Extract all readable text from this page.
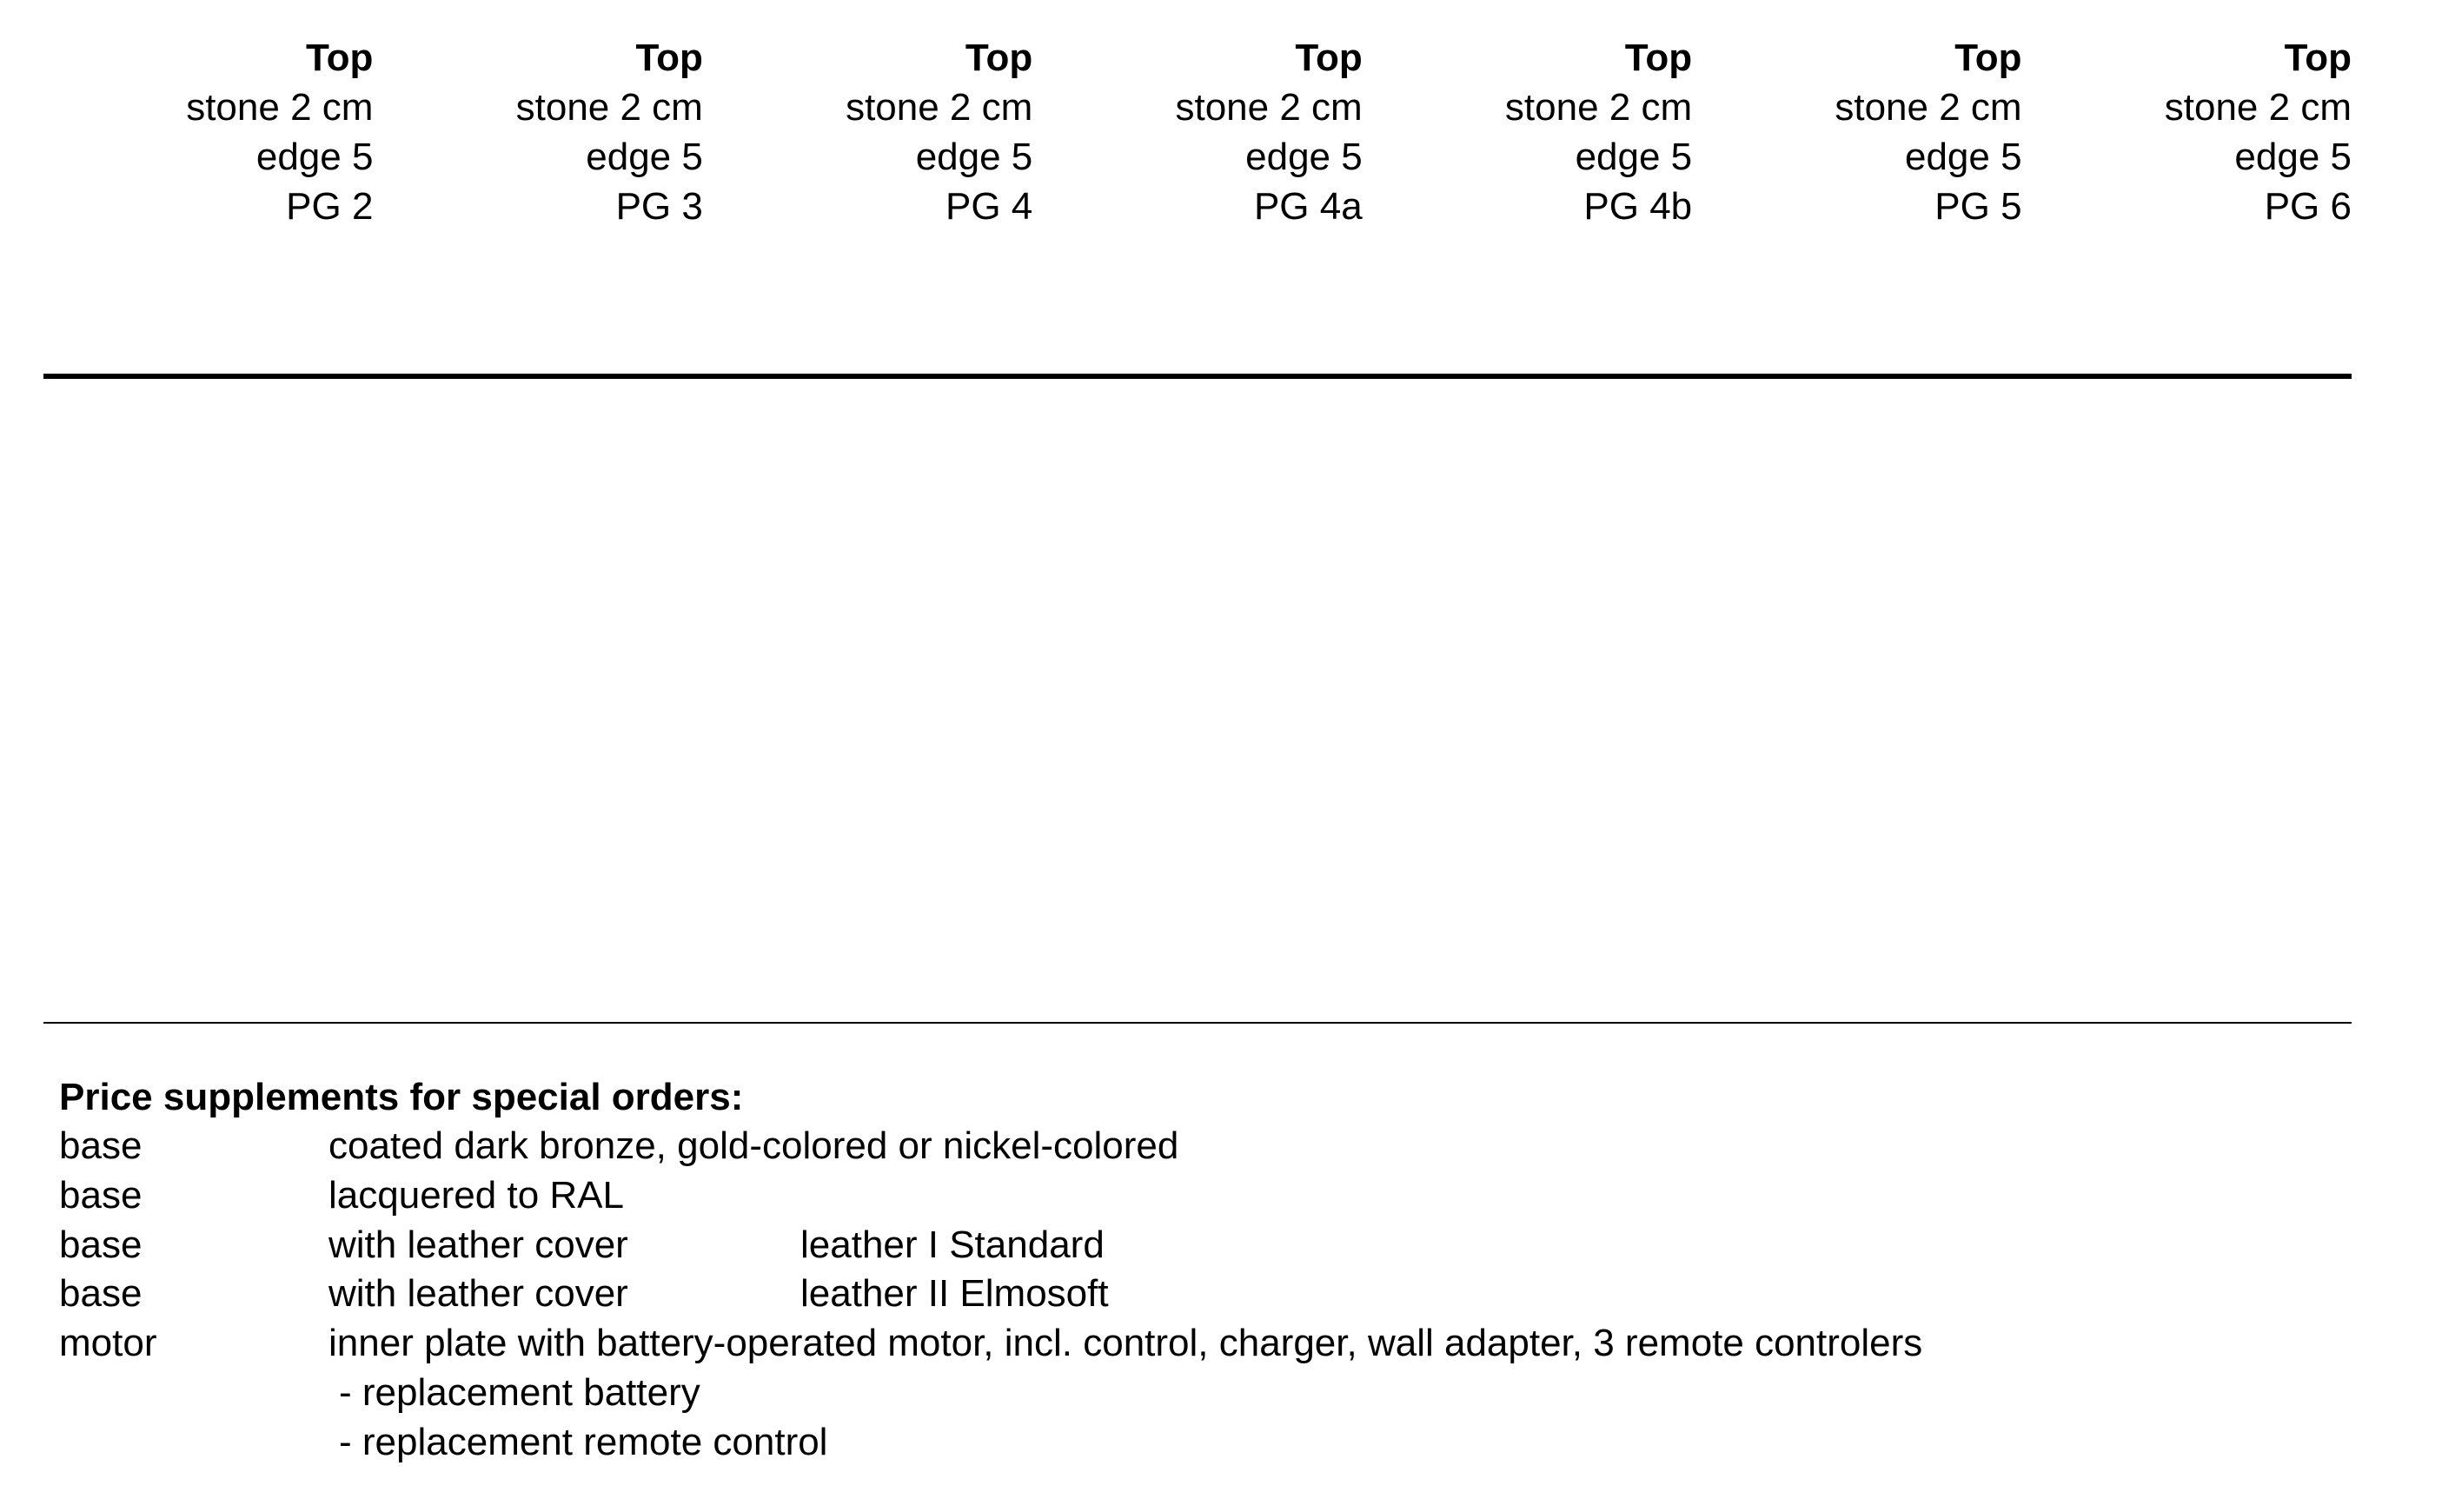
Top
stone 2 cm
edge 5
PG 2
Top
stone 2 cm
edge 5
PG 3
Top
stone 2 cm
edge 5
PG 4
Top
stone 2 cm
edge 5
PG 4a
Top
stone 2 cm
edge 5
PG 4b
Top
stone 2 cm
edge 5
PG 5
Top
stone 2 cm
edge 5
PG 6
Price supplements for special orders:
base	coated dark bronze, gold-colored or nickel-colored
base	lacquered to RAL
base	with leather cover	leather I Standard
base	with leather cover	leather II Elmosoft
motor	inner plate with battery-operated motor, incl. control, charger, wall adapter, 3 remote controlers
- replacement battery
- replacement remote control
